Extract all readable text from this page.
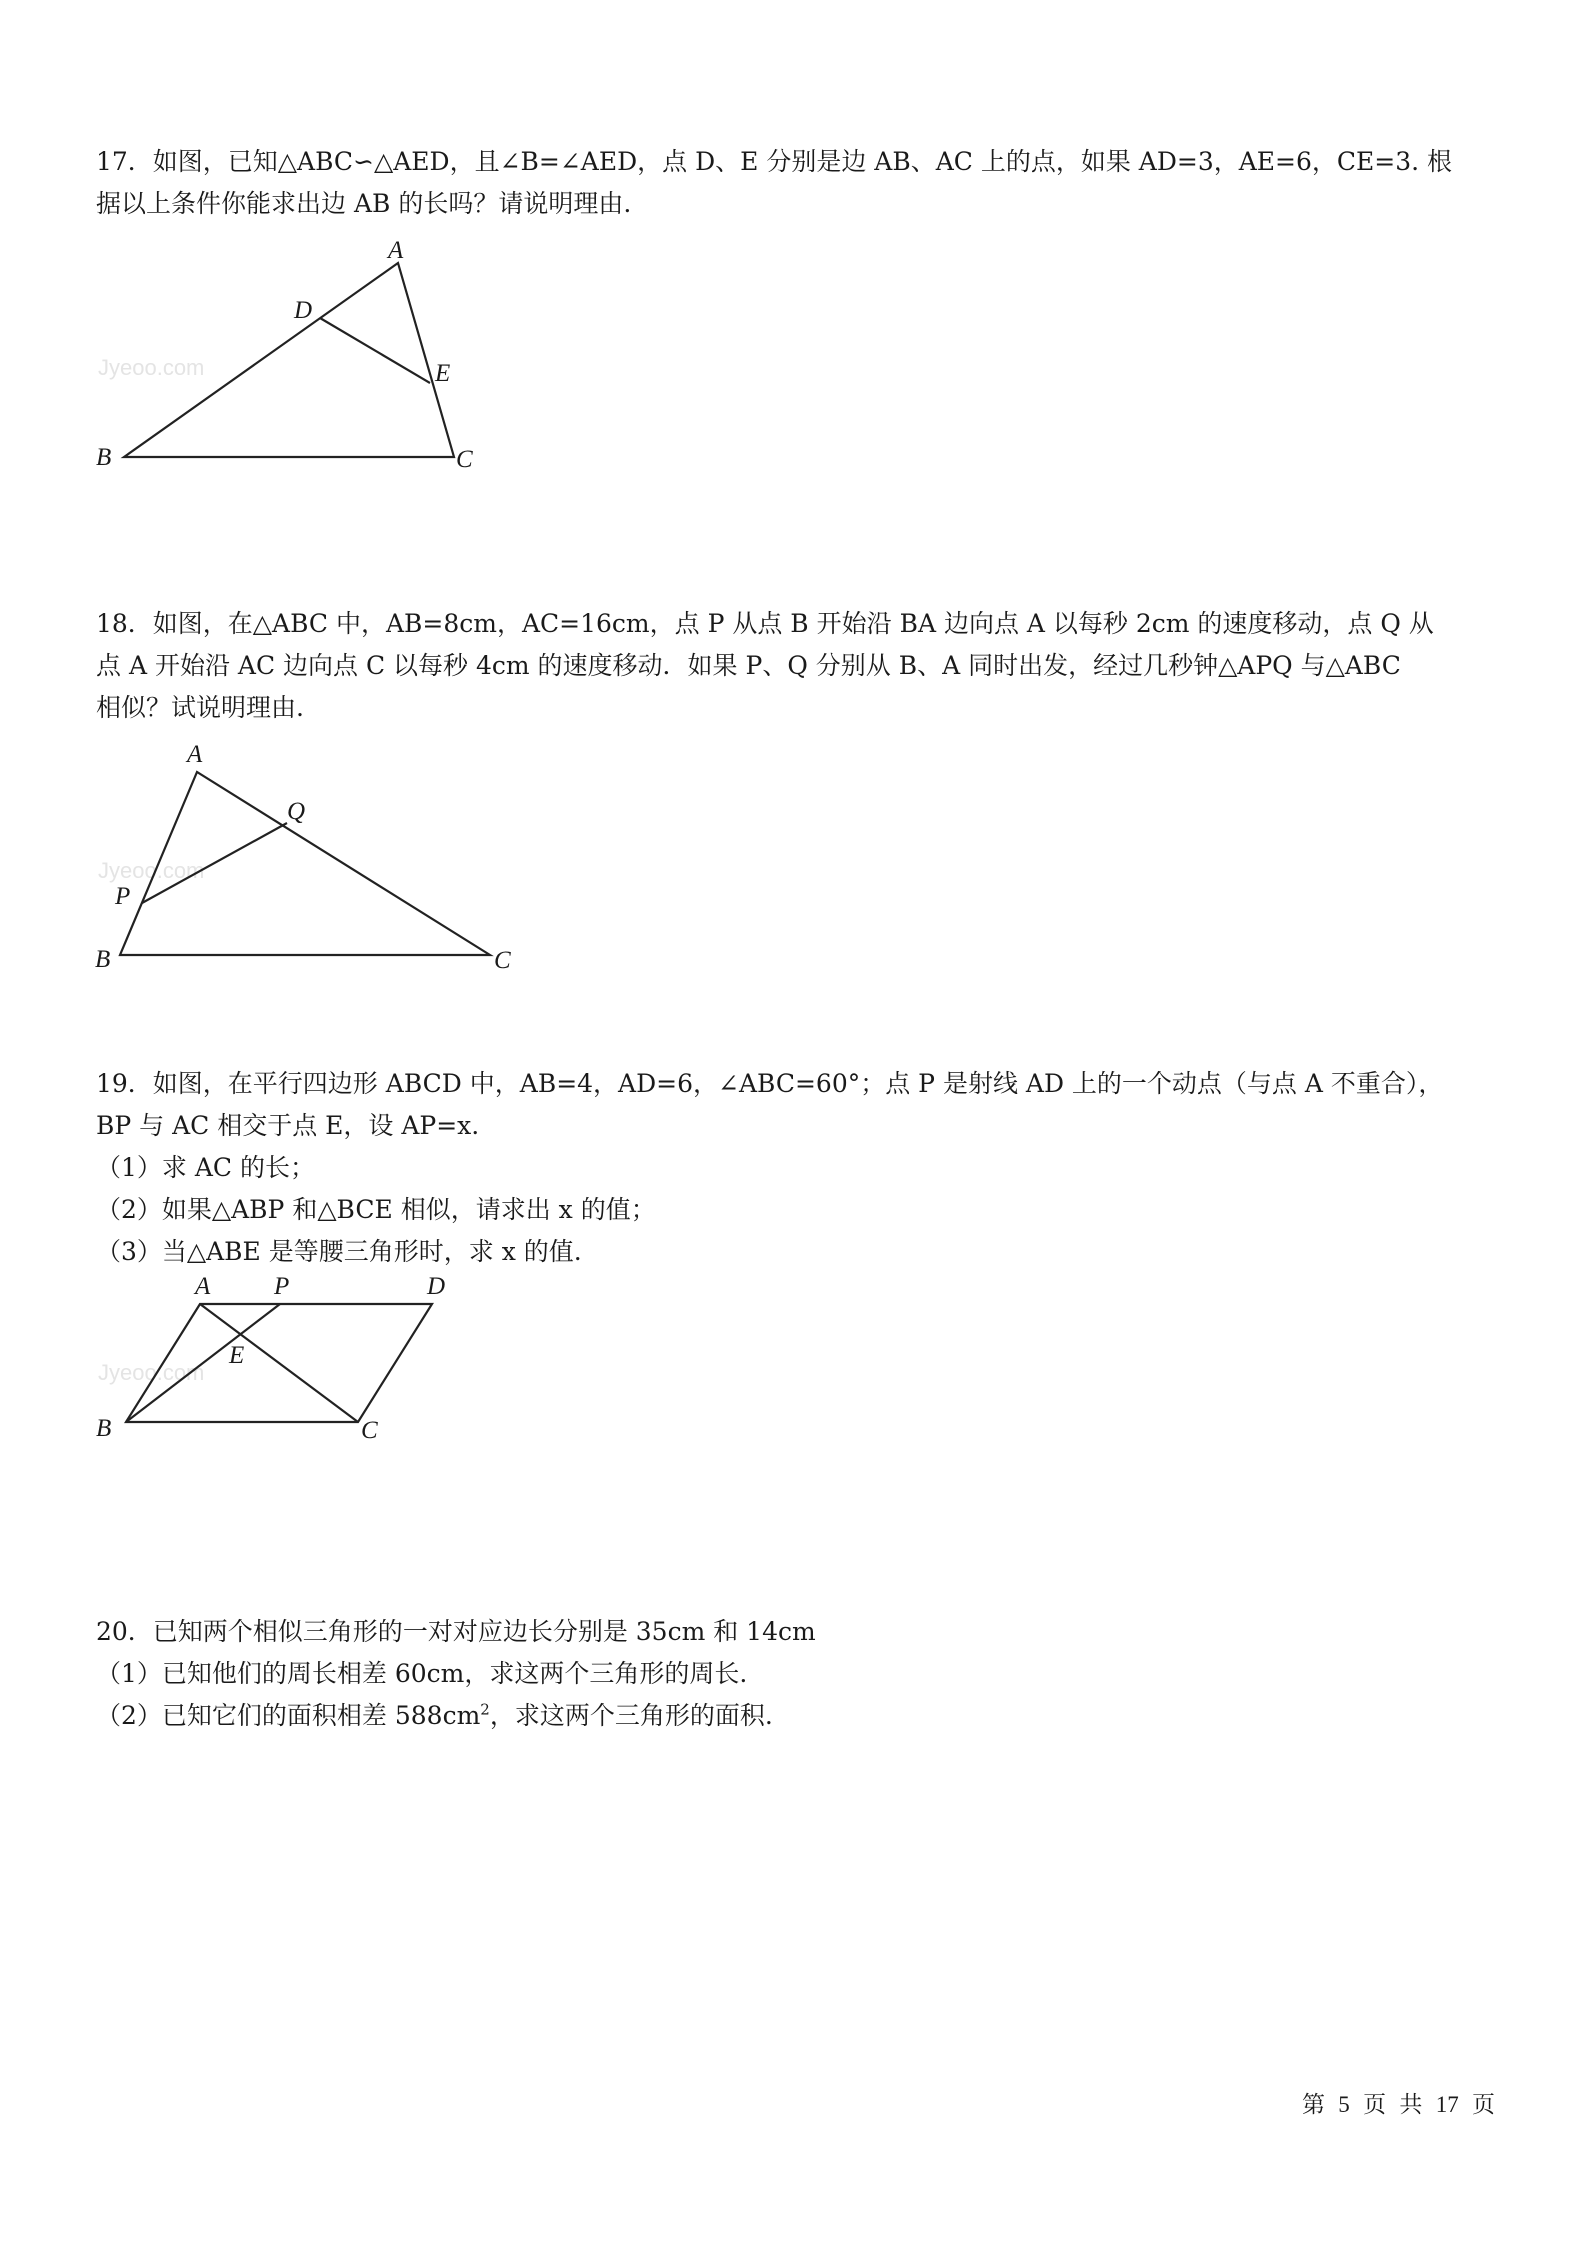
17．如图，已知△ABC∽△AED，且∠B=∠AED，点 D、E 分别是边 AB、AC 上的点，如果 AD=3，AE=6，CE=3. 根
据以上条件你能求出边 AB 的长吗？请说明理由.
Jyeoo.com
A
B	C
D
E
18．如图，在△ABC 中，AB=8cm，AC=16cm，点 P 从点 B 开始沿 BA 边向点 A 以每秒 2cm 的速度移动，点 Q 从
点 A 开始沿 AC 边向点 C 以每秒 4cm 的速度移动．如果 P、Q 分别从 B、A 同时出发，经过几秒钟△APQ 与△ABC
相似？试说明理由.
Jyeoo.com
A
B	C
P
Q
19．如图，在平行四边形 ABCD 中，AB=4，AD=6，∠ABC=60°；点 P 是射线 AD 上的一个动点（与点 A 不重合），
BP 与 AC 相交于点 E，设 AP=x.
（1）求 AC 的长；
（2）如果△ABP 和△BCE 相似，请求出 x 的值；
（3）当△ABE 是等腰三角形时，求 x 的值.
Jyeoo.com
A	P	D
E
B	C
20．已知两个相似三角形的一对对应边长分别是 35cm 和 14cm
（1）已知他们的周长相差 60cm，求这两个三角形的周长.
（2）已知它们的面积相差 $588cm^2$，求这两个三角形的面积.
第 5 页 共 17 页
